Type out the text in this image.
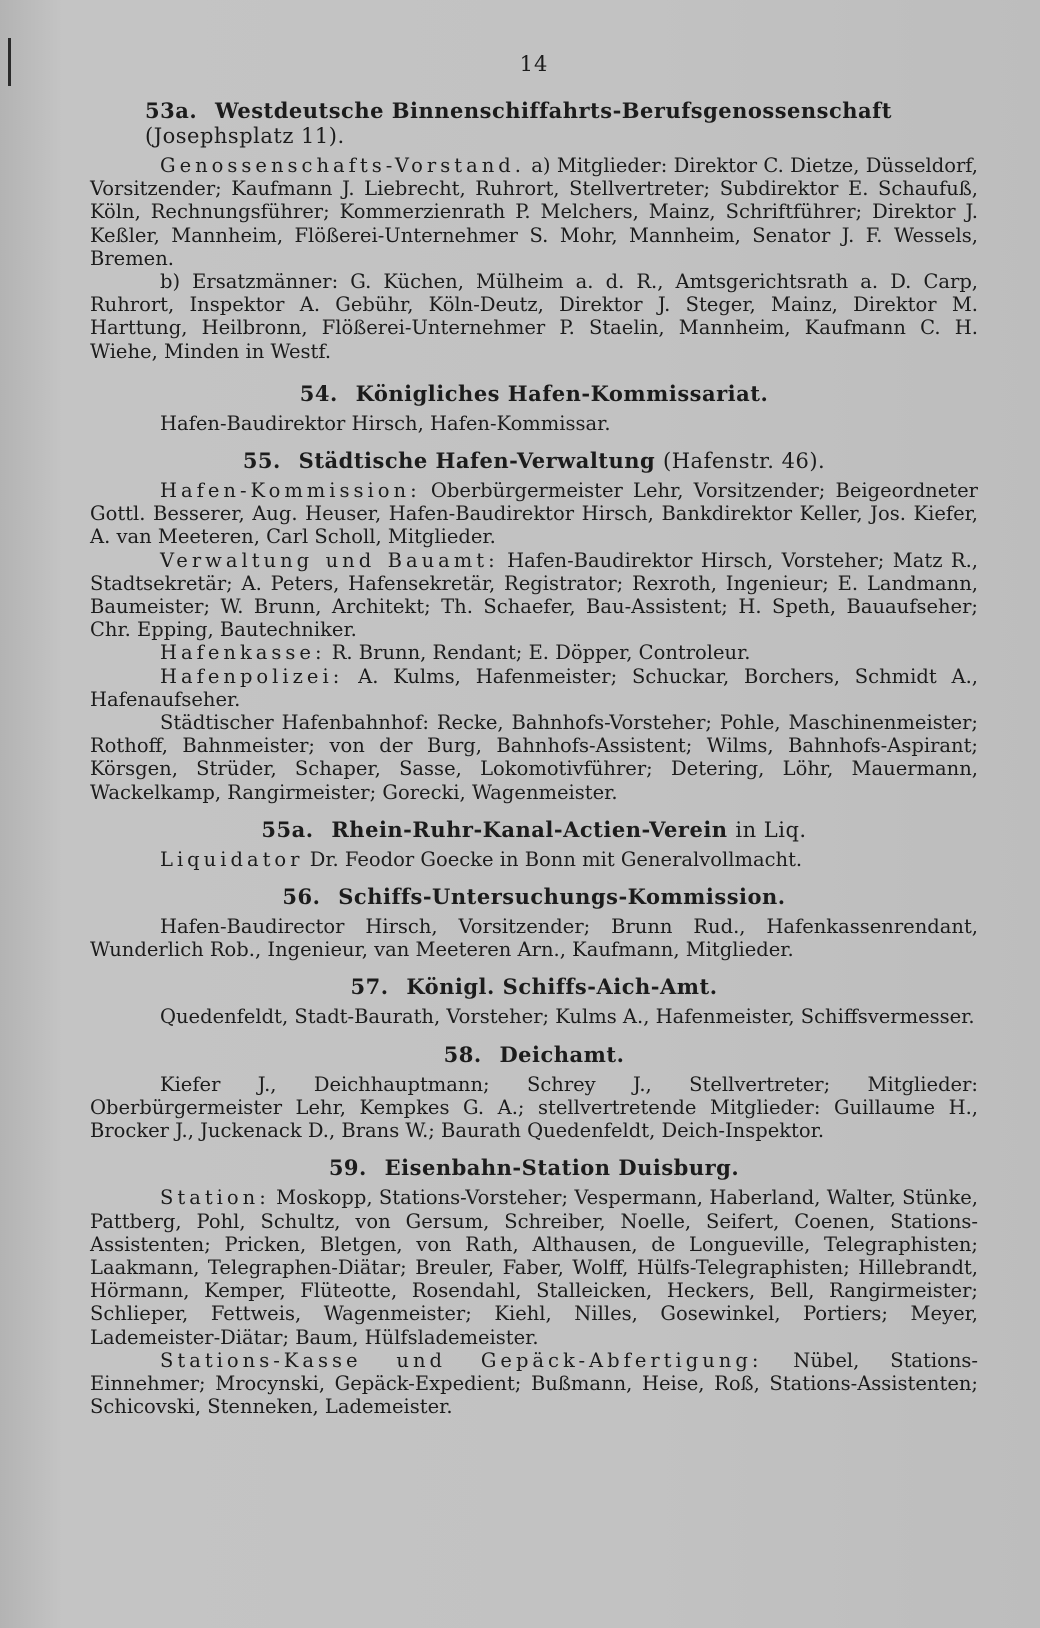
14
53a. Westdeutsche Binnenschiffahrts-Berufsgenossenschaft (Josephsplatz 11).

Genossenschafts-Vorstand. a) Mitglieder: Direktor C. Dietze, Düsseldorf, Vorsitzender; Kaufmann J. Liebrecht, Ruhrort, Stellvertreter; Subdirektor E. Schaufuß, Köln, Rechnungsführer; Kommerzienrath P. Melchers, Mainz, Schriftführer; Direktor J. Keßler, Mannheim, Flößerei-Unternehmer S. Mohr, Mannheim, Senator J. F. Wessels, Bremen.

b) Ersatzmänner: G. Küchen, Mülheim a. d. R., Amtsgerichtsrath a. D. Carp, Ruhrort, Inspektor A. Gebühr, Köln-Deutz, Direktor J. Steger, Mainz, Direktor M. Harttung, Heilbronn, Flößerei-Unternehmer P. Staelin, Mannheim, Kaufmann C. H. Wiehe, Minden in Westf.

54. Königliches Hafen-Kommissariat.

Hafen-Baudirektor Hirsch, Hafen-Kommissar.

55. Städtische Hafen-Verwaltung (Hafenstr. 46).

Hafen-Kommission: Oberbürgermeister Lehr, Vorsitzender; Beigeordneter Gottl. Besserer, Aug. Heuser, Hafen-Baudirektor Hirsch, Bankdirektor Keller, Jos. Kiefer, A. van Meeteren, Carl Scholl, Mitglieder.

Verwaltung und Bauamt: Hafen-Baudirektor Hirsch, Vorsteher; Matz R., Stadtsekretär; A. Peters, Hafensekretär, Registrator; Rexroth, Ingenieur; E. Landmann, Baumeister; W. Brunn, Architekt; Th. Schaefer, Bau-Assistent; H. Speth, Bauaufseher; Chr. Epping, Bautechniker.

Hafenkasse: R. Brunn, Rendant; E. Döpper, Controleur.

Hafenpolizei: A. Kulms, Hafenmeister; Schuckar, Borchers, Schmidt A., Hafenaufseher.

Städtischer Hafenbahnhof: Recke, Bahnhofs-Vorsteher; Pohle, Maschinenmeister; Rothoff, Bahnmeister; von der Burg, Bahnhofs-Assistent; Wilms, Bahnhofs-Aspirant; Körsgen, Strüder, Schaper, Sasse, Lokomotivführer; Detering, Löhr, Mauermann, Wackelkamp, Rangirmeister; Gorecki, Wagenmeister.

55a. Rhein-Ruhr-Kanal-Actien-Verein in Liq.

Liquidator Dr. Feodor Goecke in Bonn mit Generalvollmacht.

56. Schiffs-Untersuchungs-Kommission.

Hafen-Baudirector Hirsch, Vorsitzender; Brunn Rud., Hafenkassenrendant, Wunderlich Rob., Ingenieur, van Meeteren Arn., Kaufmann, Mitglieder.

57. Königl. Schiffs-Aich-Amt.

Quedenfeldt, Stadt-Baurath, Vorsteher; Kulms A., Hafenmeister, Schiffsvermesser.

58. Deichamt.

Kiefer J., Deichhauptmann; Schrey J., Stellvertreter; Mitglieder: Oberbürgermeister Lehr, Kempkes G. A.; stellvertretende Mitglieder: Guillaume H., Brocker J., Juckenack D., Brans W.; Baurath Quedenfeldt, Deich-Inspektor.

59. Eisenbahn-Station Duisburg.

Station: Moskopp, Stations-Vorsteher; Vespermann, Haberland, Walter, Stünke, Pattberg, Pohl, Schultz, von Gersum, Schreiber, Noelle, Seifert, Coenen, Stations-Assistenten; Pricken, Bletgen, von Rath, Althausen, de Longueville, Telegraphisten; Laakmann, Telegraphen-Diätar; Breuler, Faber, Wolff, Hülfs-Telegraphisten; Hillebrandt, Hörmann, Kemper, Flüteotte, Rosendahl, Stalleicken, Heckers, Bell, Rangirmeister; Schlieper, Fettweis, Wagenmeister; Kiehl, Nilles, Gosewinkel, Portiers; Meyer, Lademeister-Diätar; Baum, Hülfslademeister.

Stations-Kasse und Gepäck-Abfertigung: Nübel, Stations-Einnehmer; Mrocynski, Gepäck-Expedient; Bußmann, Heise, Roß, Stations-Assistenten; Schicovski, Stenneken, Lademeister.
